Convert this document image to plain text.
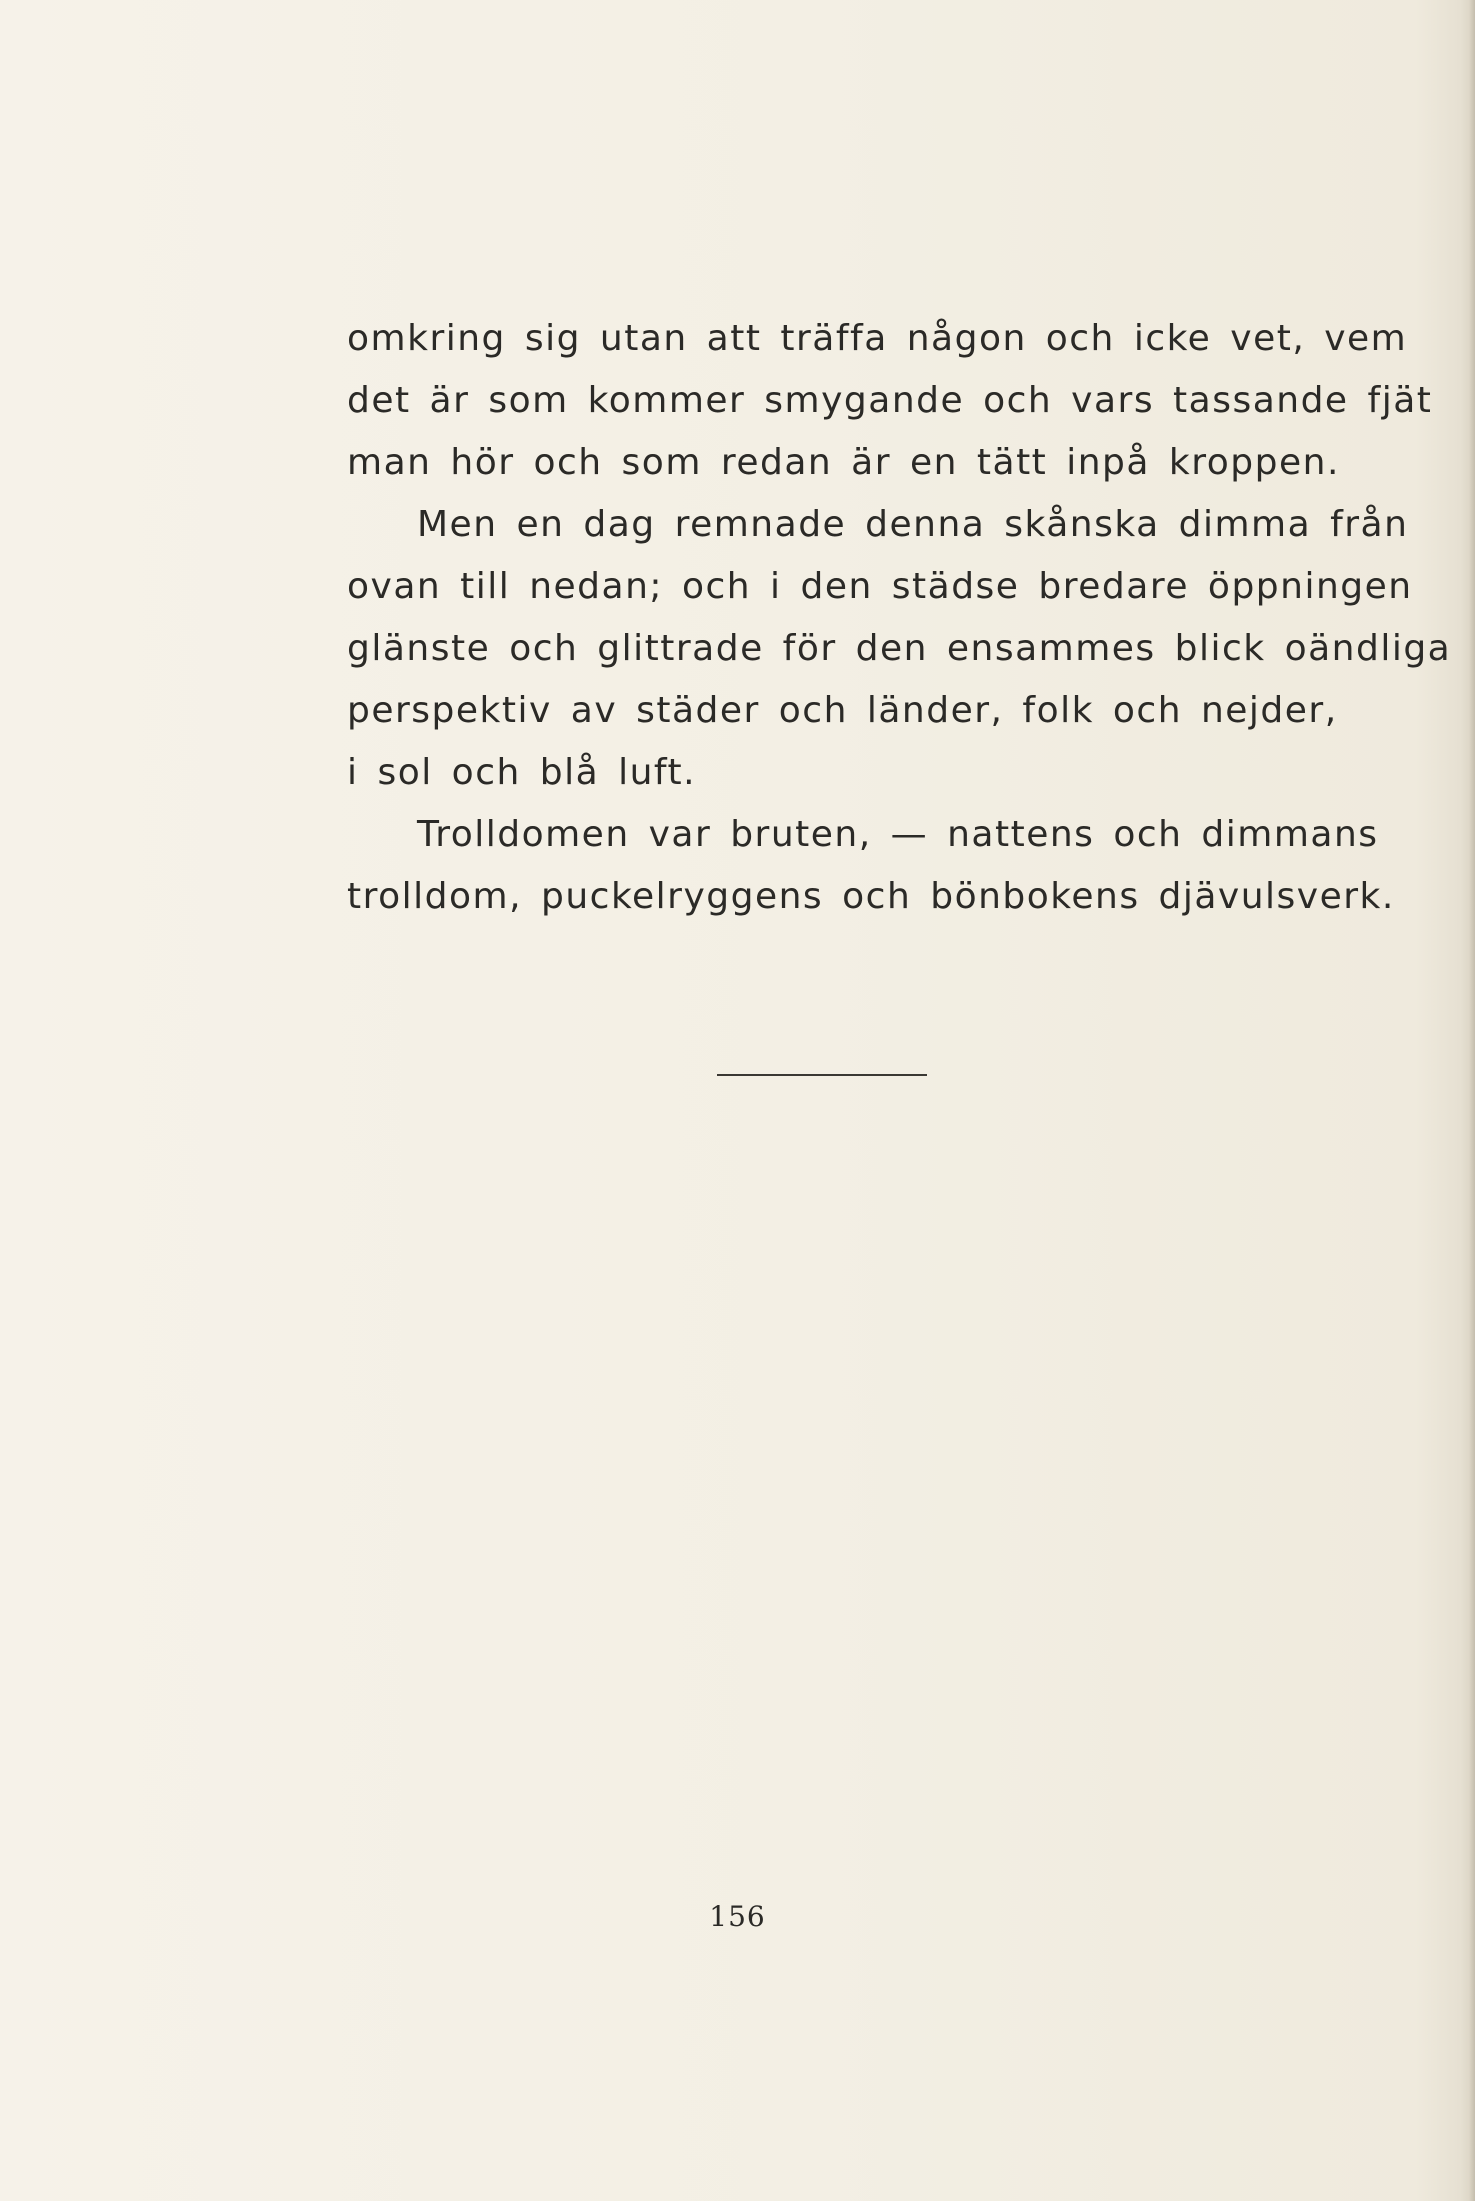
omkring sig utan att träffa någon och icke vet, vem
det är som kommer smygande och vars tassande fjät
man hör och som redan är en tätt inpå kroppen.
Men en dag remnade denna skånska dimma från
ovan till nedan; och i den städse bredare öppningen
glänste och glittrade för den ensammes blick oändliga
perspektiv av städer och länder, folk och nejder,
i sol och blå luft.
Trolldomen var bruten, — nattens och dimmans
trolldom, puckelryggens och bönbokens djävulsverk.
156
